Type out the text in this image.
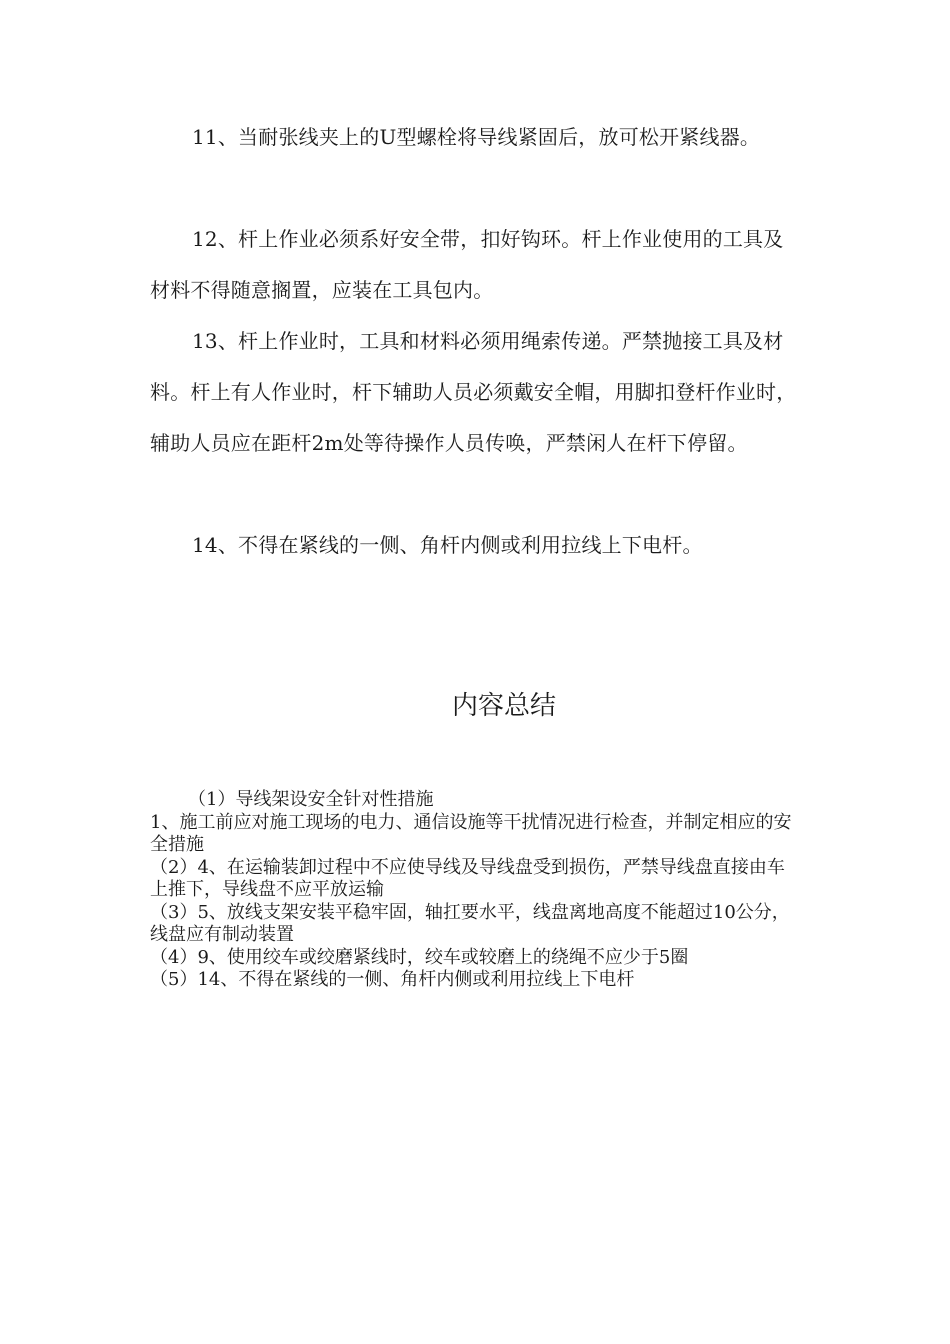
11、当耐张线夹上的U型螺栓将导线紧固后，放可松开紧线器。

12、杆上作业必须系好安全带，扣好钩环。杆上作业使用的工具及材料不得随意搁置，应装在工具包内。

13、杆上作业时，工具和材料必须用绳索传递。严禁抛接工具及材料。杆上有人作业时，杆下辅助人员必须戴安全帽，用脚扣登杆作业时，辅助人员应在距杆2m处等待操作人员传唤，严禁闲人在杆下停留。

14、不得在紧线的一侧、角杆内侧或利用拉线上下电杆。

内容总结
（1）导线架设安全针对性措施
1、施工前应对施工现场的电力、通信设施等干扰情况进行检查，并制定相应的安全措施
（2）4、在运输装卸过程中不应使导线及导线盘受到损伤，严禁导线盘直接由车上推下，导线盘不应平放运输
（3）5、放线支架安装平稳牢固，轴扛要水平，线盘离地高度不能超过10公分，线盘应有制动装置
（4）9、使用绞车或绞磨紧线时，绞车或较磨上的绕绳不应少于5圈
（5）14、不得在紧线的一侧、角杆内侧或利用拉线上下电杆
